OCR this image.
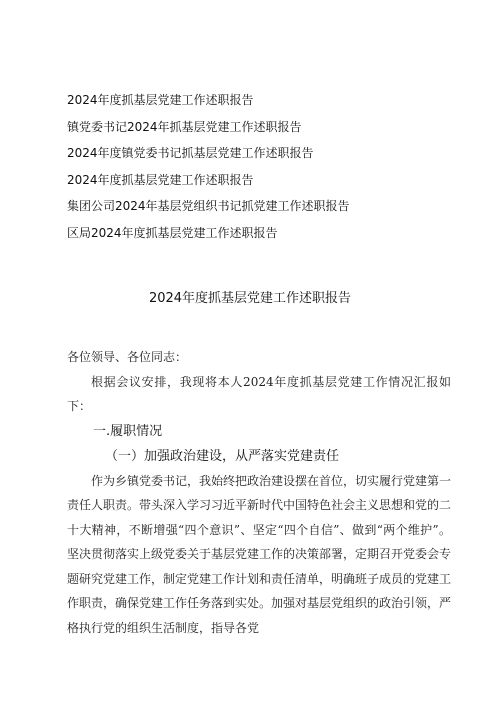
2024年度抓基层党建工作述职报告
镇党委书记2024年抓基层党建工作述职报告
2024年度镇党委书记抓基层党建工作述职报告
2024年度抓基层党建工作述职报告
集团公司2024年基层党组织书记抓党建工作述职报告
区局2024年度抓基层党建工作述职报告
2024年度抓基层党建工作述职报告

各位领导、各位同志：

根据会议安排，我现将本人2024年度抓基层党建工作情况汇报如下：

一.履职情况

（一）加强政治建设，从严落实党建责任

作为乡镇党委书记，我始终把政治建设摆在首位，切实履行党建第一责任人职责。带头深入学习习近平新时代中国特色社会主义思想和党的二十大精神，不断增强“四个意识”、坚定“四个自信”、做到“两个维护”。坚决贯彻落实上级党委关于基层党建工作的决策部署，定期召开党委会专题研究党建工作，制定党建工作计划和责任清单，明确班子成员的党建工作职责，确保党建工作任务落到实处。加强对基层党组织的政治引领，严格执行党的组织生活制度，指导各党
